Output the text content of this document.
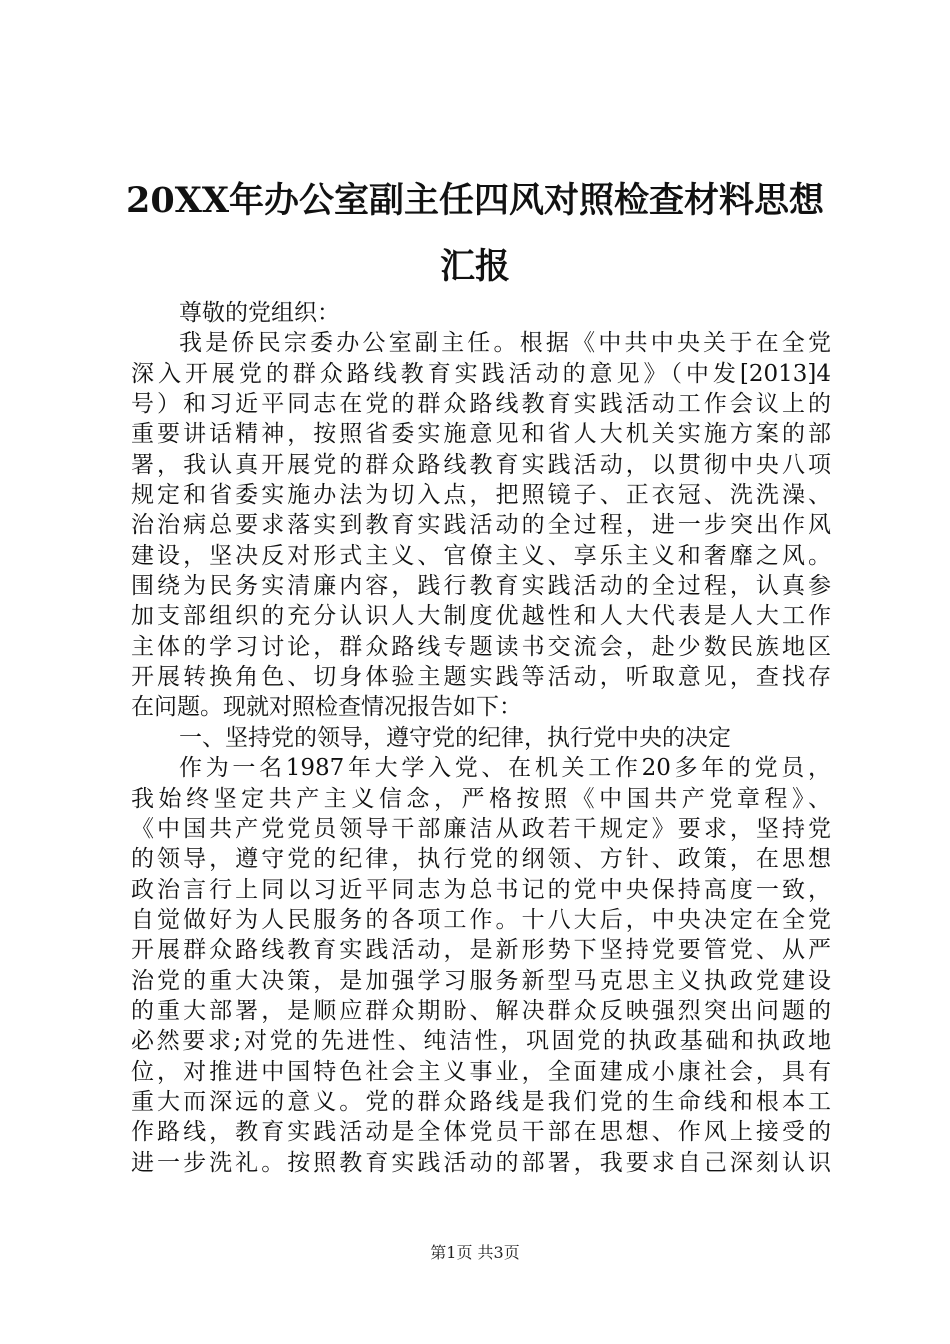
20XX年办公室副主任四风对照检查材料思想
汇报
尊敬的党组织：
我是侨民宗委办公室副主任。根据《中共中央关于在全党
深入开展党的群众路线教育实践活动的意见》（中发[2013]4
号）和习近平同志在党的群众路线教育实践活动工作会议上的
重要讲话精神，按照省委实施意见和省人大机关实施方案的部
署，我认真开展党的群众路线教育实践活动，以贯彻中央八项
规定和省委实施办法为切入点，把照镜子、正衣冠、洗洗澡、
治治病总要求落实到教育实践活动的全过程，进一步突出作风
建设，坚决反对形式主义、官僚主义、享乐主义和奢靡之风。
围绕为民务实清廉内容，践行教育实践活动的全过程，认真参
加支部组织的充分认识人大制度优越性和人大代表是人大工作
主体的学习讨论，群众路线专题读书交流会，赴少数民族地区
开展转换角色、切身体验主题实践等活动，听取意见，查找存
在问题。现就对照检查情况报告如下：
一、坚持党的领导，遵守党的纪律，执行党中央的决定
作为一名1987年大学入党、在机关工作20多年的党员，
我始终坚定共产主义信念，严格按照《中国共产党章程》、
《中国共产党党员领导干部廉洁从政若干规定》要求，坚持党
的领导，遵守党的纪律，执行党的纲领、方针、政策，在思想
政治言行上同以习近平同志为总书记的党中央保持高度一致，
自觉做好为人民服务的各项工作。十八大后，中央决定在全党
开展群众路线教育实践活动，是新形势下坚持党要管党、从严
治党的重大决策，是加强学习服务新型马克思主义执政党建设
的重大部署，是顺应群众期盼、解决群众反映强烈突出问题的
必然要求;对党的先进性、纯洁性，巩固党的执政基础和执政地
位，对推进中国特色社会主义事业，全面建成小康社会，具有
重大而深远的意义。党的群众路线是我们党的生命线和根本工
作路线，教育实践活动是全体党员干部在思想、作风上接受的
进一步洗礼。按照教育实践活动的部署，我要求自己深刻认识
第1页 共3页
